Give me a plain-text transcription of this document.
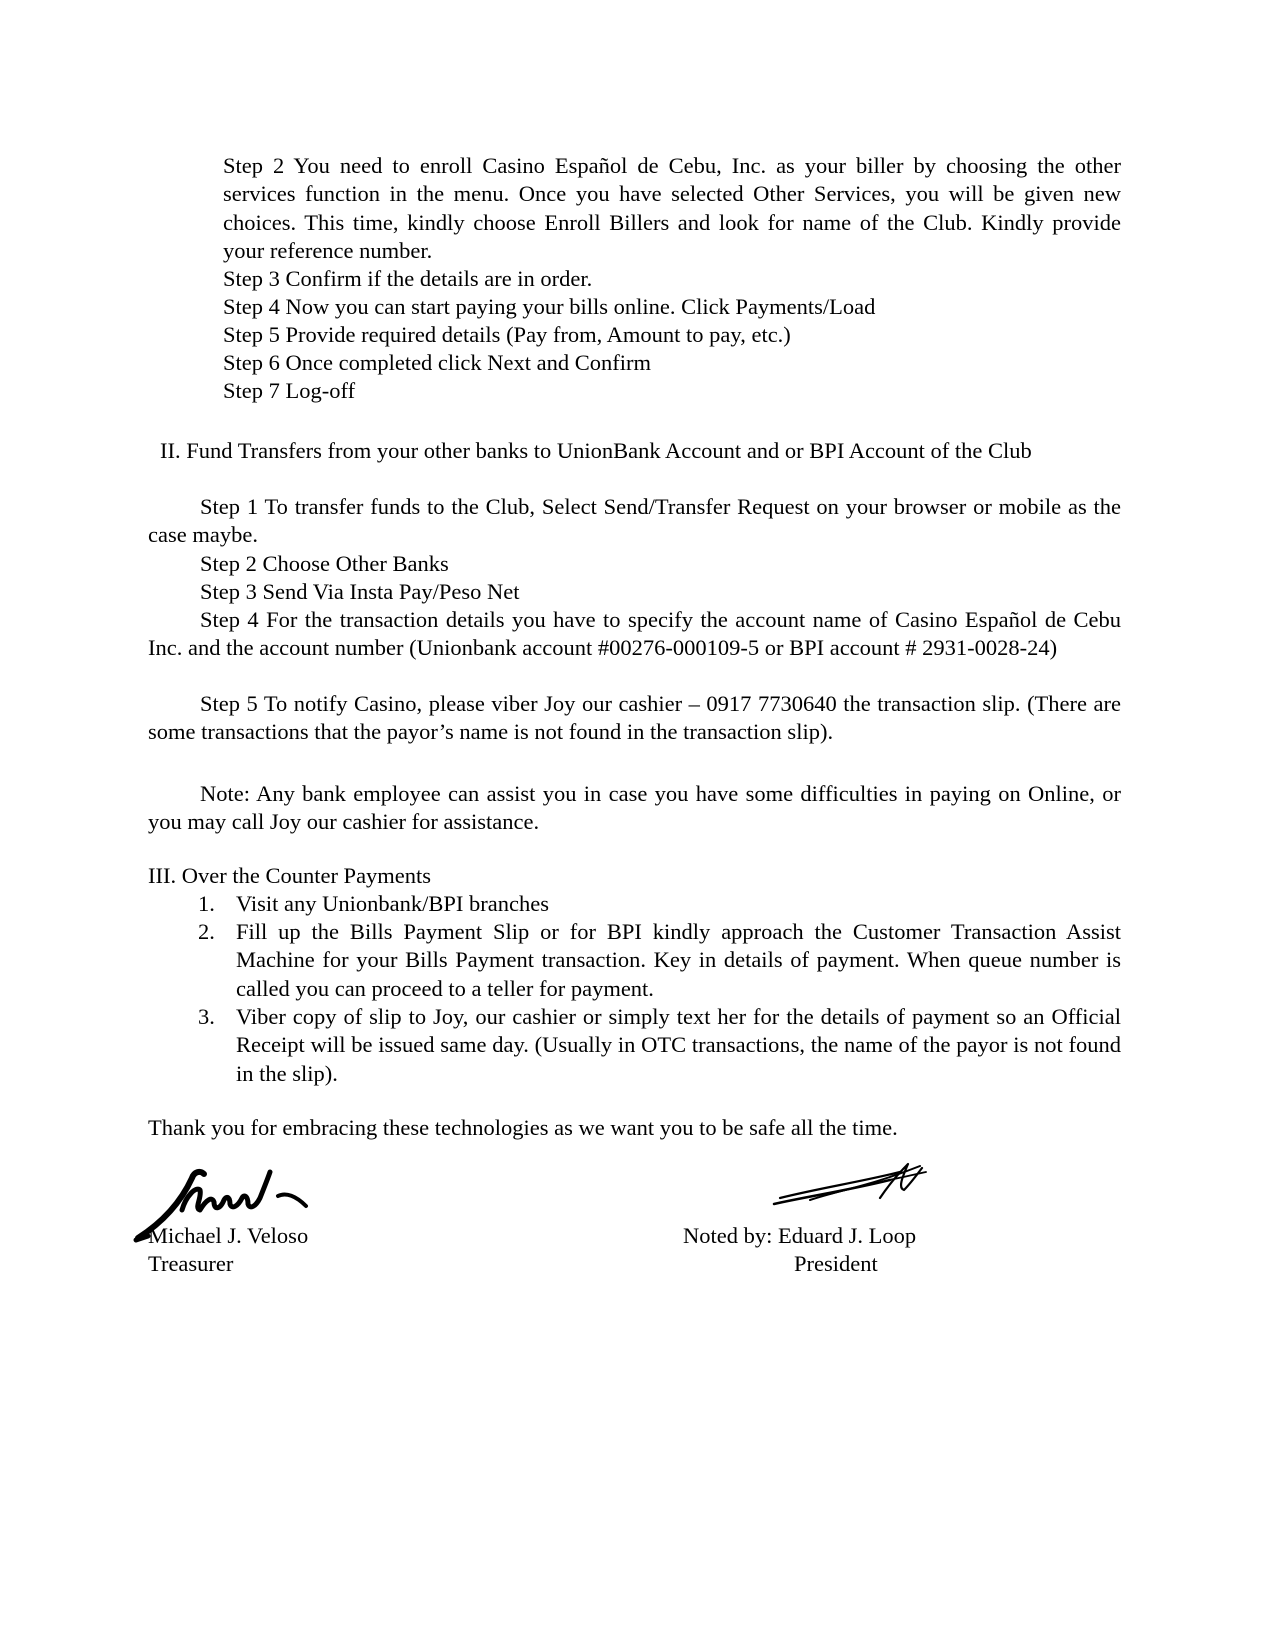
Step 2 You need to enroll Casino Español de Cebu, Inc. as your biller by choosing the other services function in the menu. Once you have selected Other Services, you will be given new choices. This time, kindly choose Enroll Billers and look for name of the Club. Kindly provide your reference number.

Step 3 Confirm if the details are in order.

Step 4 Now you can start paying your bills online. Click Payments/Load

Step 5 Provide required details (Pay from, Amount to pay, etc.)

Step 6 Once completed click Next and Confirm

Step 7 Log-off

II. Fund Transfers from your other banks to UnionBank Account and or BPI Account of the Club

Step 1 To transfer funds to the Club, Select Send/Transfer Request on your browser or mobile as the case maybe.

Step 2 Choose Other Banks

Step 3 Send Via Insta Pay/Peso Net

Step 4 For the transaction details you have to specify the account name of Casino Español de Cebu Inc. and the account number (Unionbank account #00276-000109-5 or BPI account # 2931-0028-24)

Step 5 To notify Casino, please viber Joy our cashier – 0917 7730640 the transaction slip. (There are some transactions that the payor’s name is not found in the transaction slip).

Note: Any bank employee can assist you in case you have some difficulties in paying on Online, or you may call Joy our cashier for assistance.

III. Over the Counter Payments

1. Visit any Unionbank/BPI branches

2. Fill up the Bills Payment Slip or for BPI kindly approach the Customer Transaction Assist Machine for your Bills Payment transaction. Key in details of payment. When queue number is called you can proceed to a teller for payment.

3. Viber copy of slip to Joy, our cashier or simply text her for the details of payment so an Official Receipt will be issued same day. (Usually in OTC transactions, the name of the payor is not found in the slip).

Thank you for embracing these technologies as we want you to be safe all the time.

Michael J. Veloso

Treasurer

Noted by: Eduard J. Loop

President
